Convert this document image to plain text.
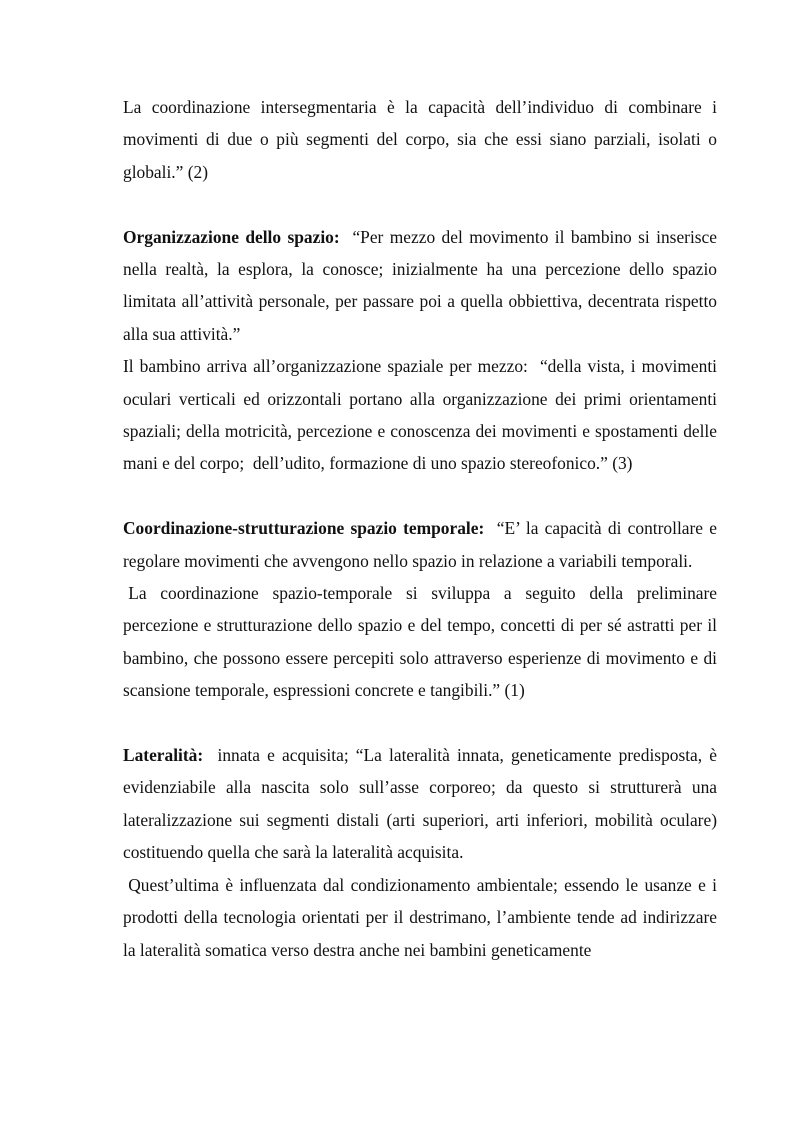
La coordinazione intersegmentaria è la capacità dell’individuo di combinare i movimenti di due o più segmenti del corpo, sia che essi siano parziali, isolati o globali.” (2)

Organizzazione dello spazio:  “Per mezzo del movimento il bambino si inserisce nella realtà, la esplora, la conosce; inizialmente ha una percezione dello spazio limitata all’attività personale, per passare poi a quella obbiettiva, decentrata rispetto alla sua attività.”

Il bambino arriva all’organizzazione spaziale per mezzo:  “della vista, i movimenti oculari verticali ed orizzontali portano alla organizzazione dei primi orientamenti spaziali; della motricità, percezione e conoscenza dei movimenti e spostamenti delle mani e del corpo;  dell’udito, formazione di uno spazio stereofonico.” (3)

Coordinazione-strutturazione spazio temporale:  “E’ la capacità di controllare e regolare movimenti che avvengono nello spazio in relazione a variabili temporali.

La coordinazione spazio-temporale si sviluppa a seguito della preliminare percezione e strutturazione dello spazio e del tempo, concetti di per sé astratti per il bambino, che possono essere percepiti solo attraverso esperienze di movimento e di scansione temporale, espressioni concrete e tangibili.” (1)

Lateralità:  innata e acquisita; “La lateralità innata, geneticamente predisposta, è evidenziabile alla nascita solo sull’asse corporeo; da questo si strutturerà una lateralizzazione sui segmenti distali (arti superiori, arti inferiori, mobilità oculare) costituendo quella che sarà la lateralità acquisita.

Quest’ultima è influenzata dal condizionamento ambientale; essendo le usanze e i prodotti della tecnologia orientati per il destrimano, l’ambiente tende ad indirizzare la lateralità somatica verso destra anche nei bambini geneticamente
